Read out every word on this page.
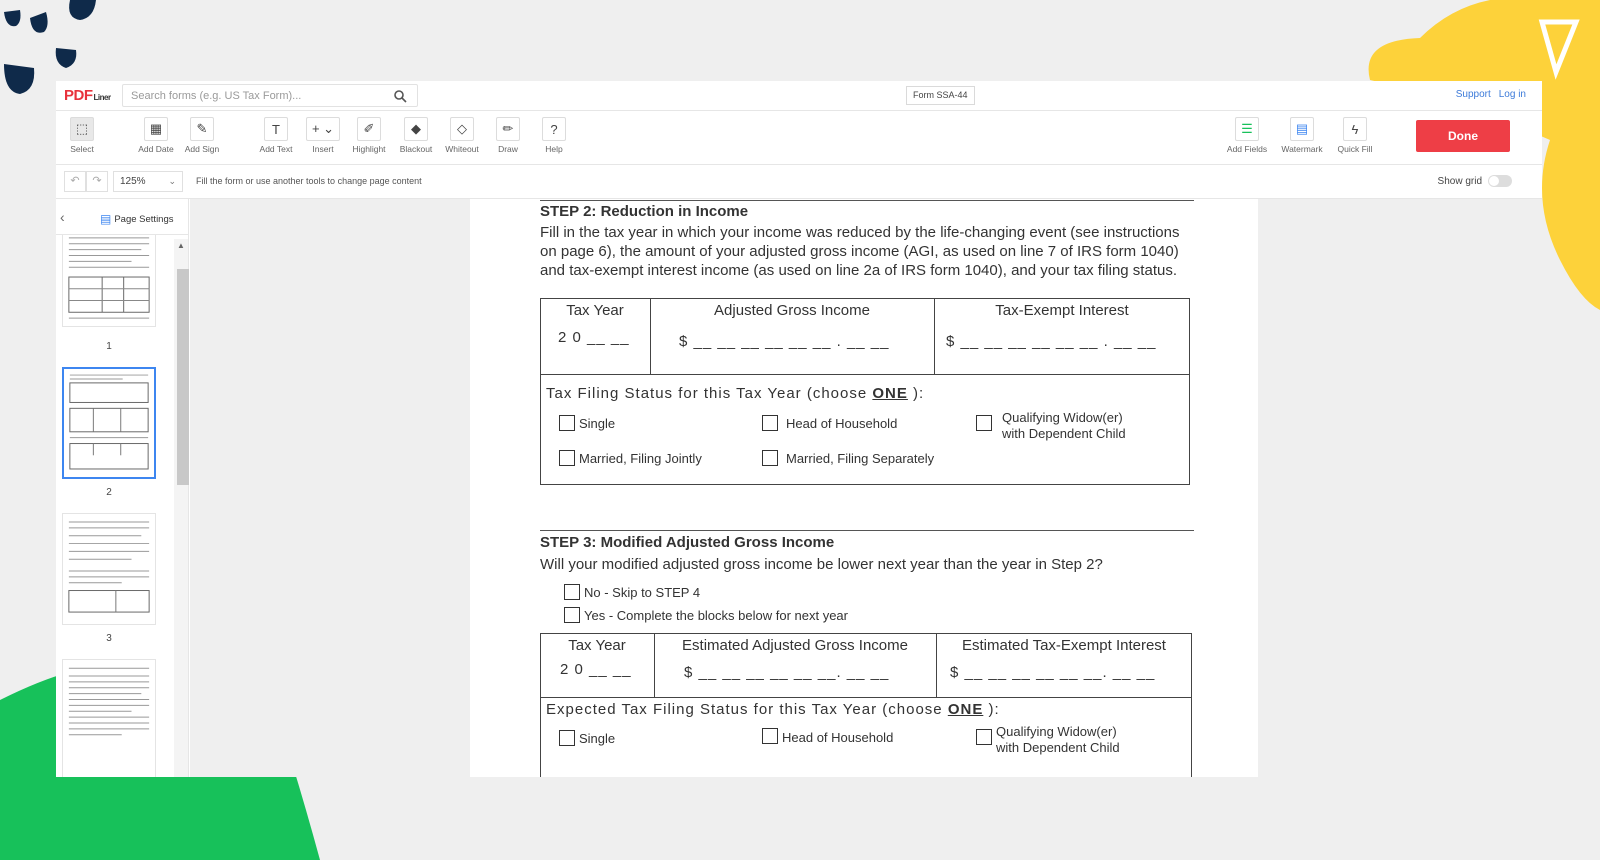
PDFLiner
Search forms (e.g. US Tax Form)...	Form SSA-44	Support Log in
⬚
Select
▦
Add Date
✎
Add Sign
T
Add Text
+ ⌄
Insert
✐
Highlight
◆
Blackout
◇
Whiteout
✏
Draw
?
Help
☰
Add Fields
▤
Watermark
ϟ
Quick Fill
Done
↶	↷	125%	⌄ Fill the form or use another tools to change page content	Show grid
‹	▤ Page Settings
1
2
3
▲
STEP 2: Reduction in Income
Fill in the tax year in which your income was reduced by the life-changing event (see instructions on page 6), the amount of your adjusted gross income (AGI, as used on line 7 of IRS form 1040) and tax-exempt interest income (as used on line 2a of IRS form 1040), and your tax filing status.
Tax Year	Adjusted Gross Income	Tax-Exempt Interest
2 0 __ __	$ __ __ __ __ __ __ . __ __	$ __ __ __ __ __ __ . __ __
Tax Filing Status for this Tax Year (choose ONE ):
Single	Head of Household	Qualifying Widow(er)
with Dependent Child
Married, Filing Jointly	Married, Filing Separately
STEP 3: Modified Adjusted Gross Income
Will your modified adjusted gross income be lower next year than the year in Step 2?
No - Skip to STEP 4
Yes - Complete the blocks below for next year
Tax Year	Estimated Adjusted Gross Income	Estimated Tax-Exempt Interest
2 0 __ __	$ __ __ __ __ __ __. __ __	$ __ __ __ __ __ __. __ __
Expected Tax Filing Status for this Tax Year (choose ONE ):
Single	Head of Household	Qualifying Widow(er)
with Dependent Child
